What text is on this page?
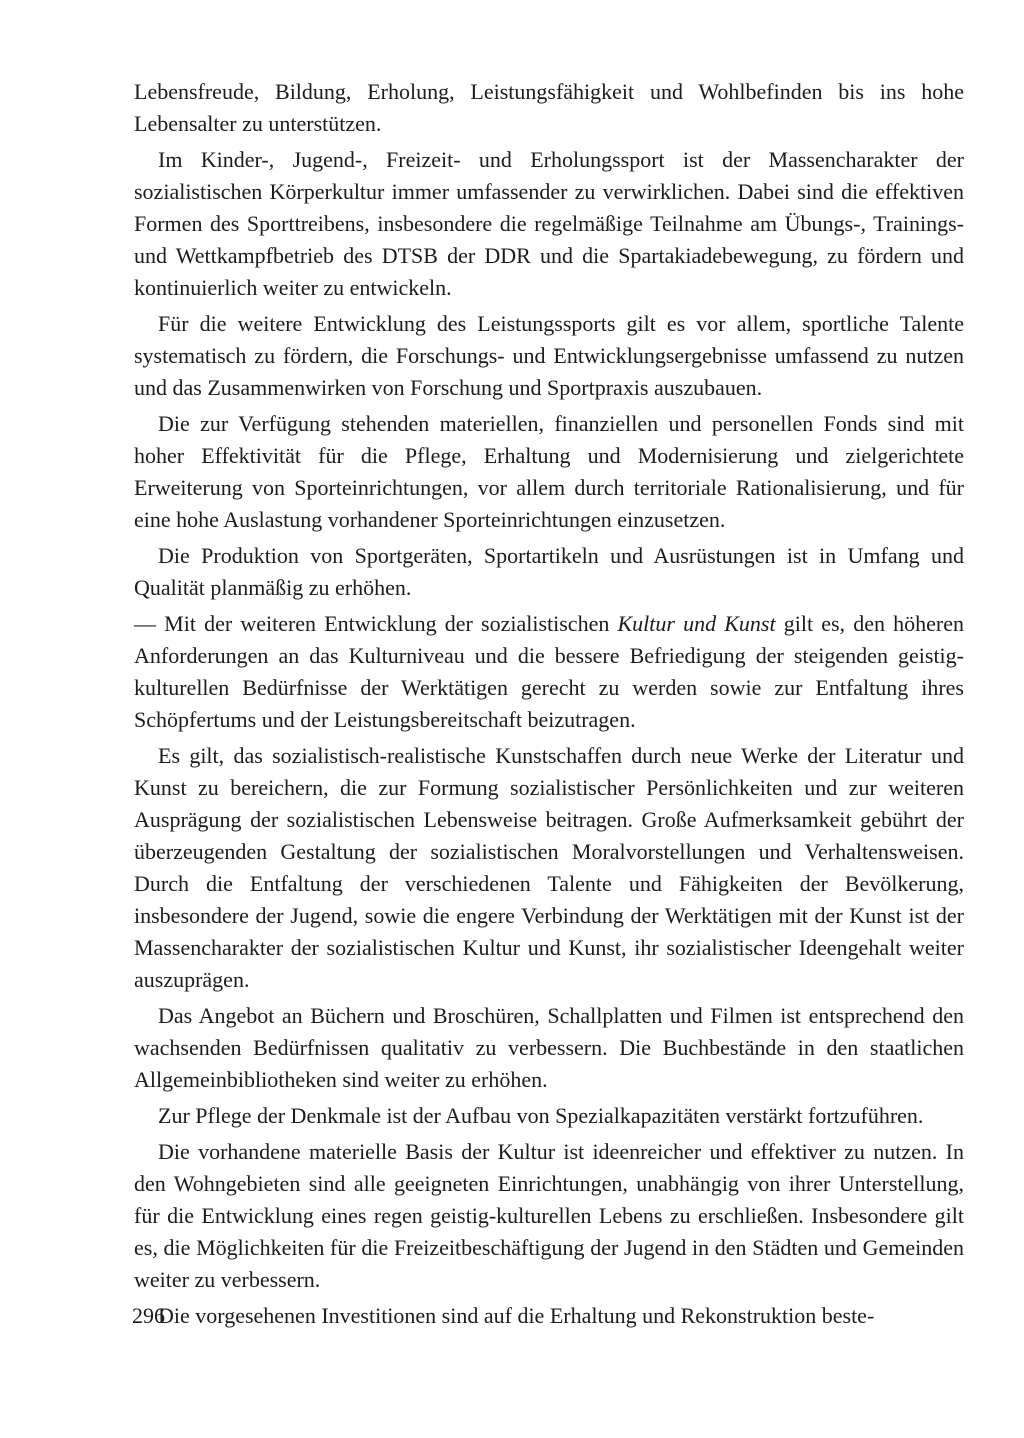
Lebensfreude, Bildung, Erholung, Leistungsfähigkeit und Wohlbefinden bis ins hohe Lebensalter zu unterstützen.

Im Kinder-, Jugend-, Freizeit- und Erholungssport ist der Massencharakter der sozialistischen Körperkultur immer umfassender zu verwirklichen. Dabei sind die effektiven Formen des Sporttreibens, insbesondere die regelmäßige Teilnahme am Übungs-, Trainings- und Wettkampfbetrieb des DTSB der DDR und die Spartakiadebewegung, zu fördern und kontinuierlich weiter zu entwickeln.

Für die weitere Entwicklung des Leistungssports gilt es vor allem, sportliche Talente systematisch zu fördern, die Forschungs- und Entwicklungsergebnisse umfassend zu nutzen und das Zusammenwirken von Forschung und Sportpraxis auszubauen.

Die zur Verfügung stehenden materiellen, finanziellen und personellen Fonds sind mit hoher Effektivität für die Pflege, Erhaltung und Modernisierung und zielgerichtete Erweiterung von Sporteinrichtungen, vor allem durch territoriale Rationalisierung, und für eine hohe Auslastung vorhandener Sporteinrichtungen einzusetzen.

Die Produktion von Sportgeräten, Sportartikeln und Ausrüstungen ist in Umfang und Qualität planmäßig zu erhöhen.

— Mit der weiteren Entwicklung der sozialistischen Kultur und Kunst gilt es, den höheren Anforderungen an das Kulturniveau und die bessere Befriedigung der steigenden geistig-kulturellen Bedürfnisse der Werktätigen gerecht zu werden sowie zur Entfaltung ihres Schöpfertums und der Leistungsbereitschaft beizutragen.

Es gilt, das sozialistisch-realistische Kunstschaffen durch neue Werke der Literatur und Kunst zu bereichern, die zur Formung sozialistischer Persönlichkeiten und zur weiteren Ausprägung der sozialistischen Lebensweise beitragen. Große Aufmerksamkeit gebührt der überzeugenden Gestaltung der sozialistischen Moralvorstellungen und Verhaltensweisen. Durch die Entfaltung der verschiedenen Talente und Fähigkeiten der Bevölkerung, insbesondere der Jugend, sowie die engere Verbindung der Werktätigen mit der Kunst ist der Massencharakter der sozialistischen Kultur und Kunst, ihr sozialistischer Ideengehalt weiter auszuprägen.

Das Angebot an Büchern und Broschüren, Schallplatten und Filmen ist entsprechend den wachsenden Bedürfnissen qualitativ zu verbessern. Die Buchbestände in den staatlichen Allgemeinbibliotheken sind weiter zu erhöhen.

Zur Pflege der Denkmale ist der Aufbau von Spezialkapazitäten verstärkt fortzuführen.

Die vorhandene materielle Basis der Kultur ist ideenreicher und effektiver zu nutzen. In den Wohngebieten sind alle geeigneten Einrichtungen, unabhängig von ihrer Unterstellung, für die Entwicklung eines regen geistig-kulturellen Lebens zu erschließen. Insbesondere gilt es, die Möglichkeiten für die Freizeitbeschäftigung der Jugend in den Städten und Gemeinden weiter zu verbessern.

Die vorgesehenen Investitionen sind auf die Erhaltung und Rekonstruktion beste-

296
